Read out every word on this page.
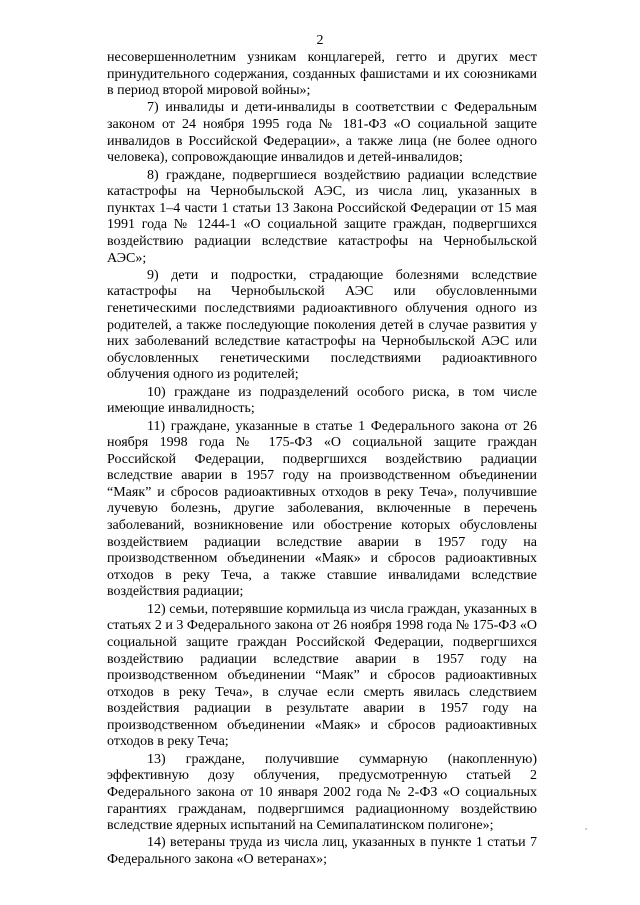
2

несовершеннолетним узникам концлагерей, гетто и других мест принудительного содержания, созданных фашистами и их союзниками в период второй мировой войны»;

7) инвалиды и дети-инвалиды в соответствии с Федеральным законом от 24 ноября 1995 года № 181-ФЗ «О социальной защите инвалидов в Российской Федерации», а также лица (не более одного человека), сопровождающие инвалидов и детей-инвалидов;

8) граждане, подвергшиеся воздействию радиации вследствие катастрофы на Чернобыльской АЭС, из числа лиц, указанных в пунктах 1–4 части 1 статьи 13 Закона Российской Федерации от 15 мая 1991 года № 1244-1 «О социальной защите граждан, подвергшихся воздействию радиации вследствие катастрофы на Чернобыльской АЭС»;

9) дети и подростки, страдающие болезнями вследствие катастрофы на Чернобыльской АЭС или обусловленными генетическими последствиями радиоактивного облучения одного из родителей, а также последующие поколения детей в случае развития у них заболеваний вследствие катастрофы на Чернобыльской АЭС или обусловленных генетическими последствиями радиоактивного облучения одного из родителей;

10) граждане из подразделений особого риска, в том числе имеющие инвалидность;

11) граждане, указанные в статье 1 Федерального закона от 26 ноября 1998 года № 175-ФЗ «О социальной защите граждан Российской Федерации, подвергшихся воздействию радиации вследствие аварии в 1957 году на производственном объединении “Маяк” и сбросов радиоактивных отходов в реку Теча», получившие лучевую болезнь, другие заболевания, включенные в перечень заболеваний, возникновение или обострение которых обусловлены воздействием радиации вследствие аварии в 1957 году на производственном объединении «Маяк» и сбросов радиоактивных отходов в реку Теча, а также ставшие инвалидами вследствие воздействия радиации;

12) семьи, потерявшие кормильца из числа граждан, указанных в статьях 2 и 3 Федерального закона от 26 ноября 1998 года № 175-ФЗ «О социальной защите граждан Российской Федерации, подвергшихся воздействию радиации вследствие аварии в 1957 году на производственном объединении “Маяк” и сбросов радиоактивных отходов в реку Теча», в случае если смерть явилась следствием воздействия радиации в результате аварии в 1957 году на производственном объединении «Маяк» и сбросов радиоактивных отходов в реку Теча;

13) граждане, получившие суммарную (накопленную) эффективную дозу облучения, предусмотренную статьей 2 Федерального закона от 10 января 2002 года № 2-ФЗ «О социальных гарантиях гражданам, подвергшимся радиационному воздействию вследствие ядерных испытаний на Семипалатинском полигоне»;

14) ветераны труда из числа лиц, указанных в пункте 1 статьи 7 Федерального закона «О ветеранах»;
